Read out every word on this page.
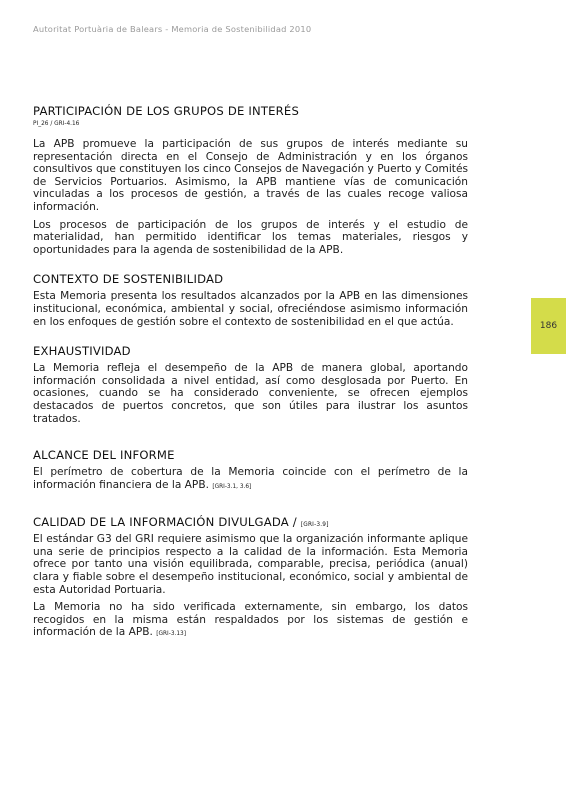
Autoritat Portuària de Balears - Memoria de Sostenibilidad 2010
186
PARTICIPACIÓN DE LOS GRUPOS DE INTERÉS
PI_26 / GRI-4.16

La APB promueve la participación de sus grupos de interés mediante su representación directa en el Consejo de Administración y en los órganos consultivos que constituyen los cinco Consejos de Navegación y Puerto y Comités de Servicios Portuarios. Asimismo, la APB mantiene vías de comunicación vinculadas a los procesos de gestión, a través de las cuales recoge valiosa información.

Los procesos de participación de los grupos de interés y el estudio de materialidad, han permitido identificar los temas materiales, riesgos y oportunidades para la agenda de sostenibilidad de la APB.

CONTEXTO DE SOSTENIBILIDAD

Esta Memoria presenta los resultados alcanzados por la APB en las dimensiones institucional, económica, ambiental y social, ofreciéndose asimismo información en los enfoques de gestión sobre el contexto de sostenibilidad en el que actúa.

EXHAUSTIVIDAD

La Memoria refleja el desempeño de la APB de manera global, aportando información consolidada a nivel entidad, así como desglosada por Puerto. En ocasiones, cuando se ha considerado conveniente, se ofrecen ejemplos destacados de puertos concretos, que son útiles para ilustrar los asuntos tratados.

ALCANCE DEL INFORME

El perímetro de cobertura de la Memoria coincide con el perímetro de la información financiera de la APB. [GRI-3.1, 3.6]

CALIDAD DE LA INFORMACIÓN DIVULGADA / [GRI-3.9]

El estándar G3 del GRI requiere asimismo que la organización informante aplique una serie de principios respecto a la calidad de la información. Esta Memoria ofrece por tanto una visión equilibrada, comparable, precisa, periódica (anual) clara y fiable sobre el desempeño institucional, económico, social y ambiental de esta Autoridad Portuaria.

La Memoria no ha sido verificada externamente, sin embargo, los datos recogidos en la misma están respaldados por los sistemas de gestión e información de la APB. [GRI-3.13]
